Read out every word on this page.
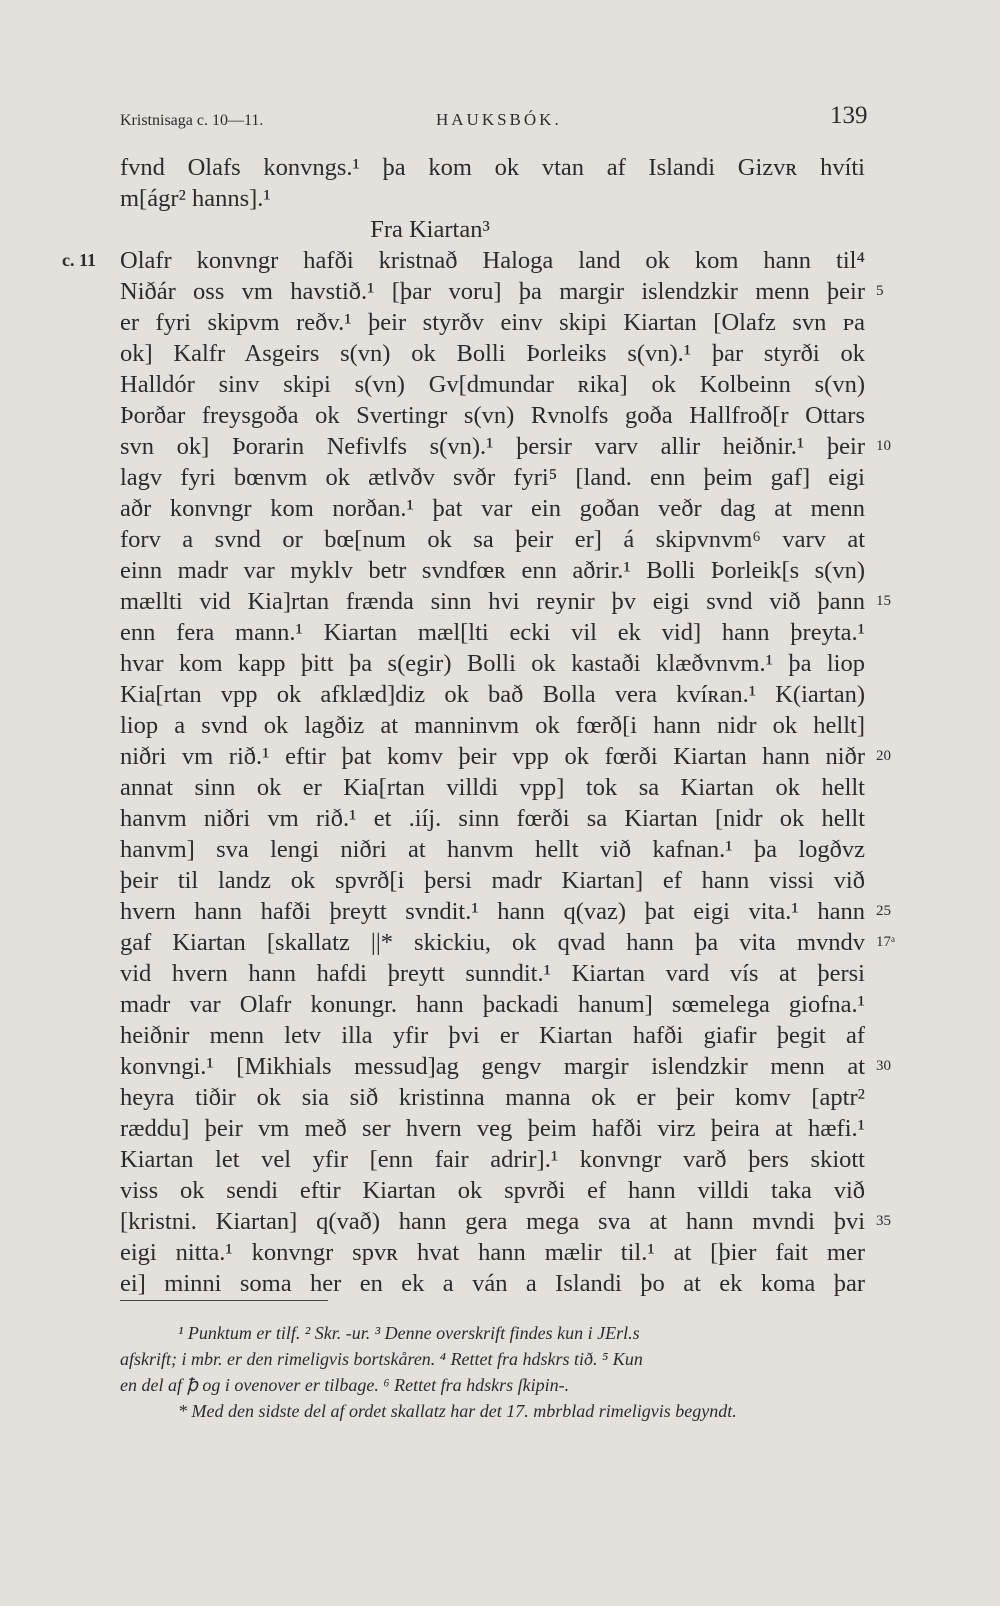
Kristnisaga c. 10—11.	HAUKSBÓK.	139
c. 11
fvnd Olafs konvngs.¹ þa kom ok vtan af Islandi Gizvʀ hvíti
m[ágr² hanns].¹
Fra Kiartan³
Olafr konvngr hafði kristnað Haloga land ok kom hann til⁴
Niðár oss vm havstið.¹ [þar voru] þa margir islendzkir menn þeir
er fyri skipvm reðv.¹ þeir styrðv einv skipi Kiartan [Olafz svn ᴘa
ok] Kalfr Asgeirs s(vn) ok Bolli Þorleiks s(vn).¹ þar styrði ok
Halldór sinv skipi s(vn) Gv[dmundar ʀika] ok Kolbeinn s(vn)
Þorðar freysgoða ok Svertingr s(vn) Rvnolfs goða Hallfroð[r Ottars
svn ok] Þorarin Nefivlfs s(vn).¹ þersir varv allir heiðnir.¹ þeir
lagv fyri bœnvm ok ætlvðv svðr fyri⁵ [land. enn þeim gaf] eigi
aðr konvngr kom norðan.¹ þat var ein goðan veðr dag at menn
forv a svnd or bœ[num ok sa þeir er] á skipvnvm⁶ varv at
einn madr var myklv betr svndfœʀ enn aðrir.¹ Bolli Þorleik[s s(vn)
mællti vid Kia]rtan frænda sinn hvi reynir þv eigi svnd við þann
enn fera mann.¹ Kiartan mæl[lti ecki vil ek vid] hann þreyta.¹
hvar kom kapp þitt þa s(egir) Bolli ok kastaði klæðvnvm.¹ þa liop
Kia[rtan vpp ok afklæd]diz ok bað Bolla vera kvíʀan.¹ K(iartan)
liop a svnd ok lagðiz at manninvm ok fœrð[i hann nidr ok hellt]
niðri vm rið.¹ eftir þat komv þeir vpp ok fœrði Kiartan hann niðr
annat sinn ok er Kia[rtan villdi vpp] tok sa Kiartan ok hellt
hanvm niðri vm rið.¹ et .iíj. sinn fœrði sa Kiartan [nidr ok hellt
hanvm] sva lengi niðri at hanvm hellt við kafnan.¹ þa logðvz
þeir til landz ok spvrð[i þersi madr Kiartan] ef hann vissi við
hvern hann hafði þreytt svndit.¹ hann q(vaz) þat eigi vita.¹ hann
gaf Kiartan [skallatz ||* skickiu, ok qvad hann þa vita mvndv
vid hvern hann hafdi þreytt sunndit.¹ Kiartan vard vís at þersi
madr var Olafr konungr. hann þackadi hanum] sœmelega giofna.¹
heiðnir menn letv illa yfir þvi er Kiartan hafði giafir þegit af
konvngi.¹ [Mikhials messud]ag gengv margir islendzkir menn at
heyra tiðir ok sia sið kristinna manna ok er þeir komv [aptr²
ræddu] þeir vm með ser hvern veg þeim hafði virz þeira at hæfi.¹
Kiartan let vel yfir [enn fair adrir].¹ konvngr varð þers skiott
viss ok sendi eftir Kiartan ok spvrði ef hann villdi taka við
[kristni. Kiartan] q(vað) hann gera mega sva at hann mvndi þvi
eigi nitta.¹ konvngr spvʀ hvat hann mælir til.¹ at [þier fait mer
ei] minni soma her en ek a ván a Islandi þo at ek koma þar
5
10
15
20
25
17ᵃ
30
35
¹ Punktum er tilf. ² Skr. -ur. ³ Denne overskrift findes kun i JErl.s
afskrift; i mbr. er den rimeligvis bortskåren. ⁴ Rettet fra hdskrs tið. ⁵ Kun
en del af ꝥ og i ovenover er tilbage. ⁶ Rettet fra hdskrs ſkipin-.
* Med den sidste del af ordet skallatz har det 17. mbrblad rimeligvis begyndt.
